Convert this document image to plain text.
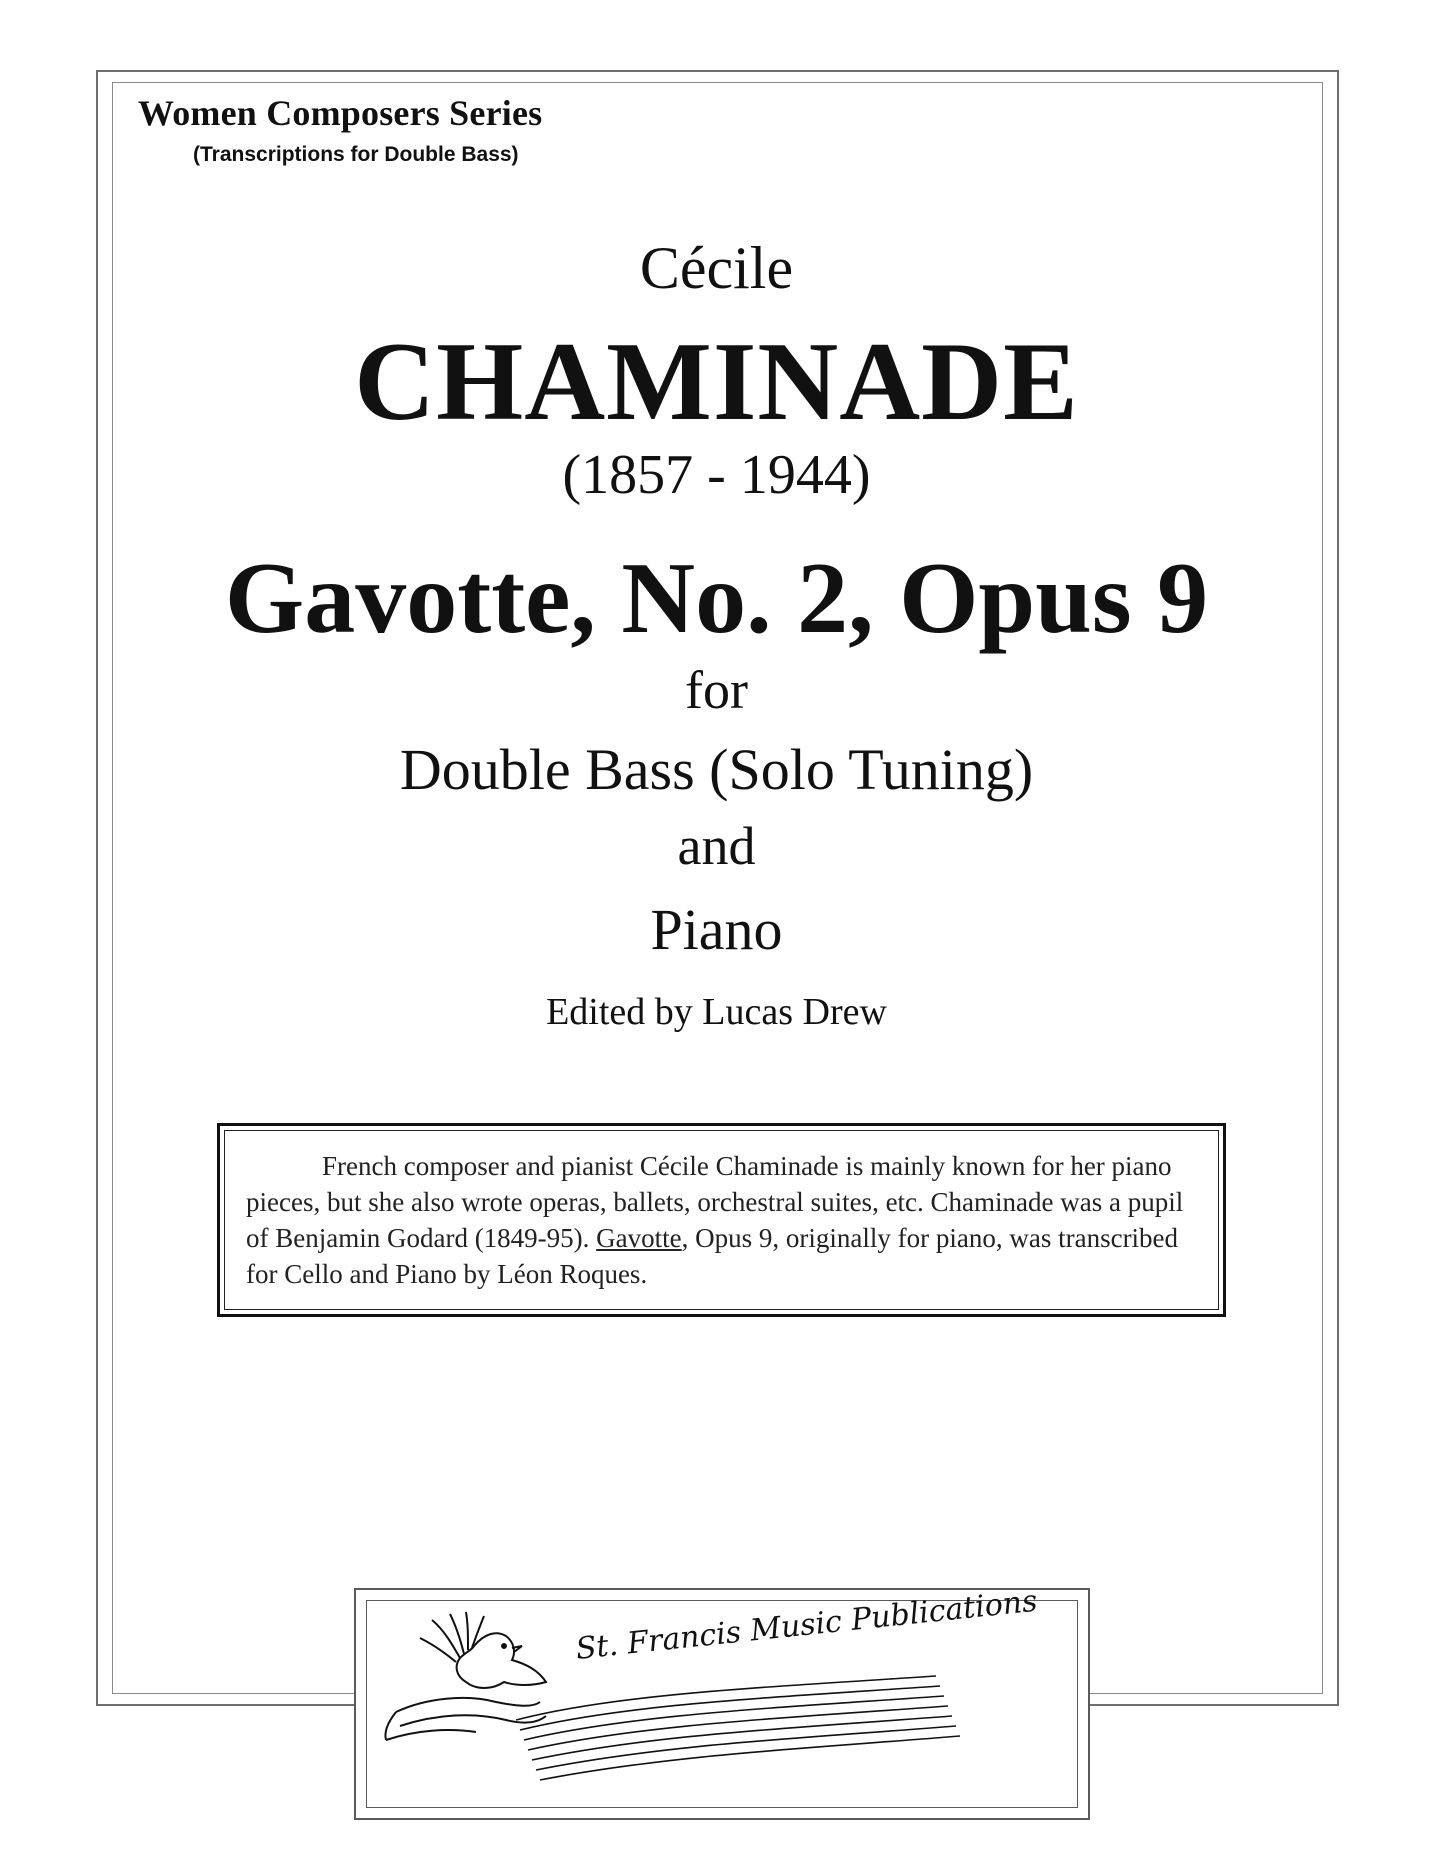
Women Composers Series
(Transcriptions for Double Bass)
Cécile
CHAMINADE
(1857 - 1944)
Gavotte, No. 2, Opus 9
for
Double Bass (Solo Tuning)
and
Piano
Edited by Lucas Drew
French composer and pianist Cécile Chaminade is mainly known for her piano pieces, but she also wrote operas, ballets, orchestral suites, etc. Chaminade was a pupil of Benjamin Godard (1849-95). Gavotte, Opus 9, originally for piano, was transcribed for Cello and Piano by Léon Roques.
St. Francis Music Publications
